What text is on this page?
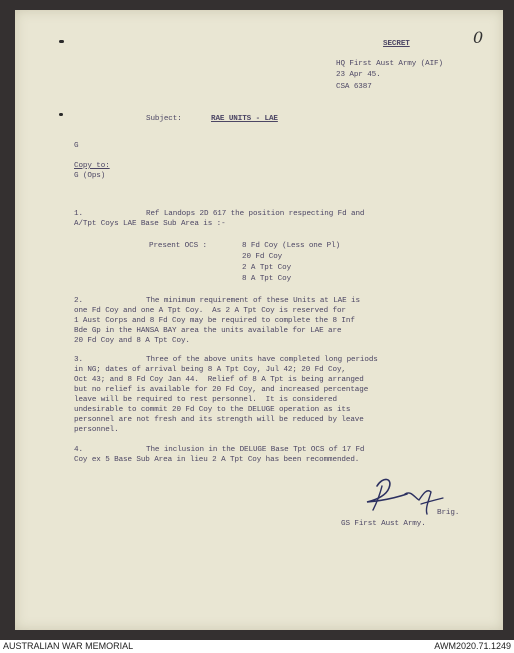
0
SECRET
HQ First Aust Army (AIF)
23 Apr 45.
CSA 6387
Subject:	RAE UNITS - LAE
G
Copy to:
G (Ops)
1.	Ref Landops 2D 617 the position respecting Fd and
A/Tpt Coys LAE Base Sub Area is :-
Present OCS :	8 Fd Coy (Less one Pl)
20 Fd Coy
2 A Tpt Coy
8 A Tpt Coy
2.	The minimum requirement of these Units at LAE is
one Fd Coy and one A Tpt Coy.  As 2 A Tpt Coy is reserved for
1 Aust Corps and 8 Fd Coy may be required to complete the 8 Inf
Bde Gp in the HANSA BAY area the units available for LAE are
20 Fd Coy and 8 A Tpt Coy.
3.	Three of the above units have completed long periods
in NG; dates of arrival being 8 A Tpt Coy, Jul 42; 20 Fd Coy,
Oct 43; and 8 Fd Coy Jan 44.  Relief of 8 A Tpt is being arranged
but no relief is available for 20 Fd Coy, and increased percentage
leave will be required to rest personnel.  It is considered
undesirable to commit 20 Fd Coy to the DELUGE operation as its
personnel are not fresh and its strength will be reduced by leave
personnel.
4.	The inclusion in the DELUGE Base Tpt OCS of 17 Fd
Coy ex 5 Base Sub Area in lieu 2 A Tpt Coy has been recommended.
Brig.
GS First Aust Army.
AUSTRALIAN WAR MEMORIAL	AWM2020.71.1249
